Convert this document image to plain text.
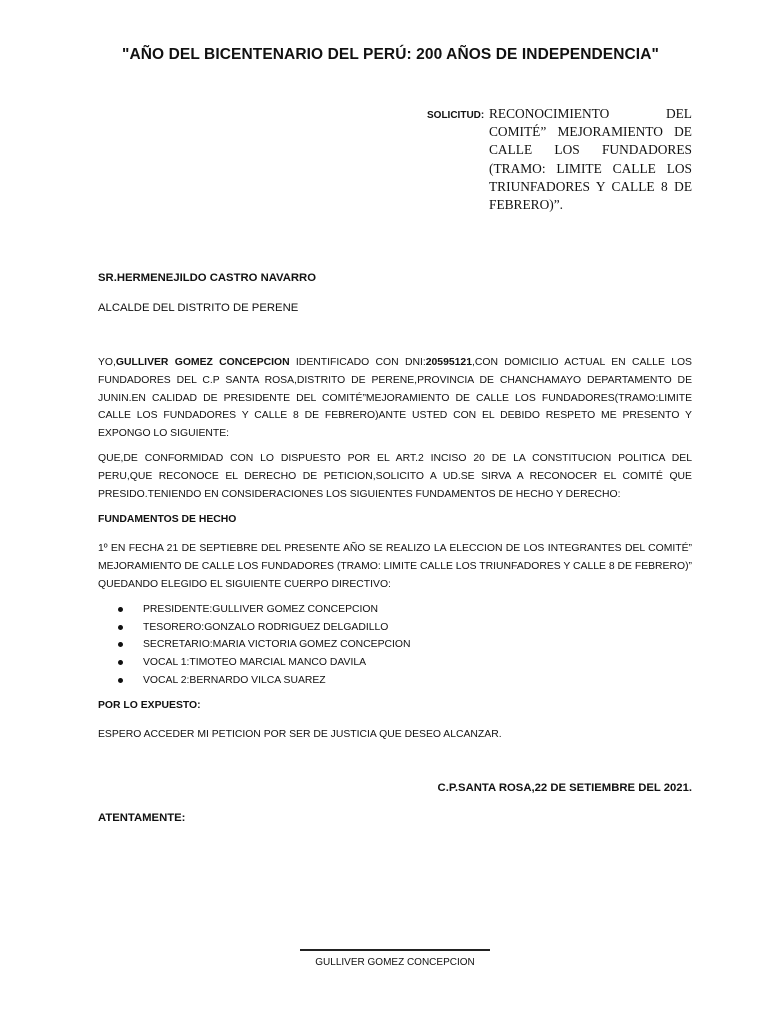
"AÑO DEL BICENTENARIO DEL PERÚ: 200 AÑOS DE INDEPENDENCIA"
SOLICITUD: RECONOCIMIENTO DEL COMITÉ” MEJORAMIENTO DE CALLE LOS FUNDADORES (TRAMO: LIMITE CALLE LOS TRIUNFADORES Y CALLE 8 DE FEBRERO)”.
SR.HERMENEJILDO CASTRO NAVARRO
ALCALDE DEL DISTRITO DE PERENE
YO,GULLIVER GOMEZ CONCEPCION IDENTIFICADO CON DNI:20595121,CON DOMICILIO ACTUAL EN CALLE LOS FUNDADORES DEL C.P SANTA ROSA,DISTRITO DE PERENE,PROVINCIA DE CHANCHAMAYO DEPARTAMENTO DE JUNIN.EN CALIDAD DE PRESIDENTE DEL COMITÉ”MEJORAMIENTO DE CALLE LOS FUNDADORES(TRAMO:LIMITE CALLE LOS FUNDADORES Y CALLE 8 DE FEBRERO)ANTE USTED CON EL DEBIDO RESPETO ME PRESENTO Y EXPONGO LO SIGUIENTE:
QUE,DE CONFORMIDAD CON LO DISPUESTO POR EL ART.2 INCISO 20 DE LA CONSTITUCION POLITICA DEL PERU,QUE RECONOCE EL DERECHO DE PETICION,SOLICITO A UD.SE SIRVA A RECONOCER EL COMITÉ QUE PRESIDO.TENIENDO EN CONSIDERACIONES LOS SIGUIENTES FUNDAMENTOS DE HECHO Y DERECHO:
FUNDAMENTOS DE HECHO
1º EN FECHA 21 DE SEPTIEBRE DEL PRESENTE AÑO SE REALIZO LA ELECCION DE LOS INTEGRANTES DEL COMITÉ” MEJORAMIENTO DE CALLE LOS FUNDADORES (TRAMO: LIMITE CALLE LOS TRIUNFADORES Y CALLE 8 DE FEBRERO)” QUEDANDO ELEGIDO EL SIGUIENTE CUERPO DIRECTIVO:
PRESIDENTE:GULLIVER GOMEZ CONCEPCION
TESORERO:GONZALO RODRIGUEZ DELGADILLO
SECRETARIO:MARIA VICTORIA GOMEZ CONCEPCION
VOCAL 1:TIMOTEO MARCIAL MANCO DAVILA
VOCAL 2:BERNARDO VILCA SUAREZ
POR LO EXPUESTO:
ESPERO ACCEDER MI PETICION POR SER DE JUSTICIA QUE DESEO ALCANZAR.
C.P.SANTA ROSA,22 DE SETIEMBRE DEL 2021.
ATENTAMENTE:
GULLIVER GOMEZ CONCEPCION
